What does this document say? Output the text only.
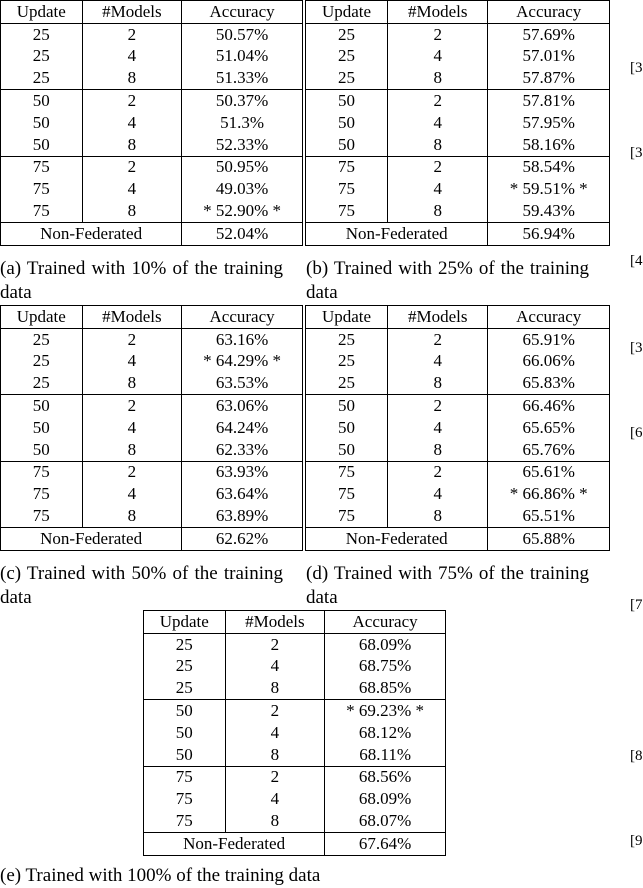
Update	#Models	Accuracy
25	2	50.57%
25	4	51.04%
25	8	51.33%
50	2	50.37%
50	4	51.3%
50	8	52.33%
75	2	50.95%
75	4	49.03%
75	8	* 52.90% *
Non-Federated		52.04%
(a) Trained with 10% of the training data
Update	#Models	Accuracy
25	2	57.69%
25	4	57.01%
25	8	57.87%
50	2	57.81%
50	4	57.95%
50	8	58.16%
75	2	58.54%
75	4	* 59.51% *
75	8	59.43%
Non-Federated		56.94%
(b) Trained with 25% of the training data
Update	#Models	Accuracy
25	2	63.16%
25	4	* 64.29% *
25	8	63.53%
50	2	63.06%
50	4	64.24%
50	8	62.33%
75	2	63.93%
75	4	63.64%
75	8	63.89%
Non-Federated		62.62%
(c) Trained with 50% of the training data
Update	#Models	Accuracy
25	2	65.91%
25	4	66.06%
25	8	65.83%
50	2	66.46%
50	4	65.65%
50	8	65.76%
75	2	65.61%
75	4	* 66.86% *
75	8	65.51%
Non-Federated		65.88%
(d) Trained with 75% of the training data
Update	#Models	Accuracy
25	2	68.09%
25	4	68.75%
25	8	68.85%
50	2	* 69.23% *
50	4	68.12%
50	8	68.11%
75	2	68.56%
75	4	68.09%
75	8	68.07%
Non-Federated		67.64%
(e) Trained with 100% of the training data
[3
[3
[4
[3
[6
[7
[8
[9
